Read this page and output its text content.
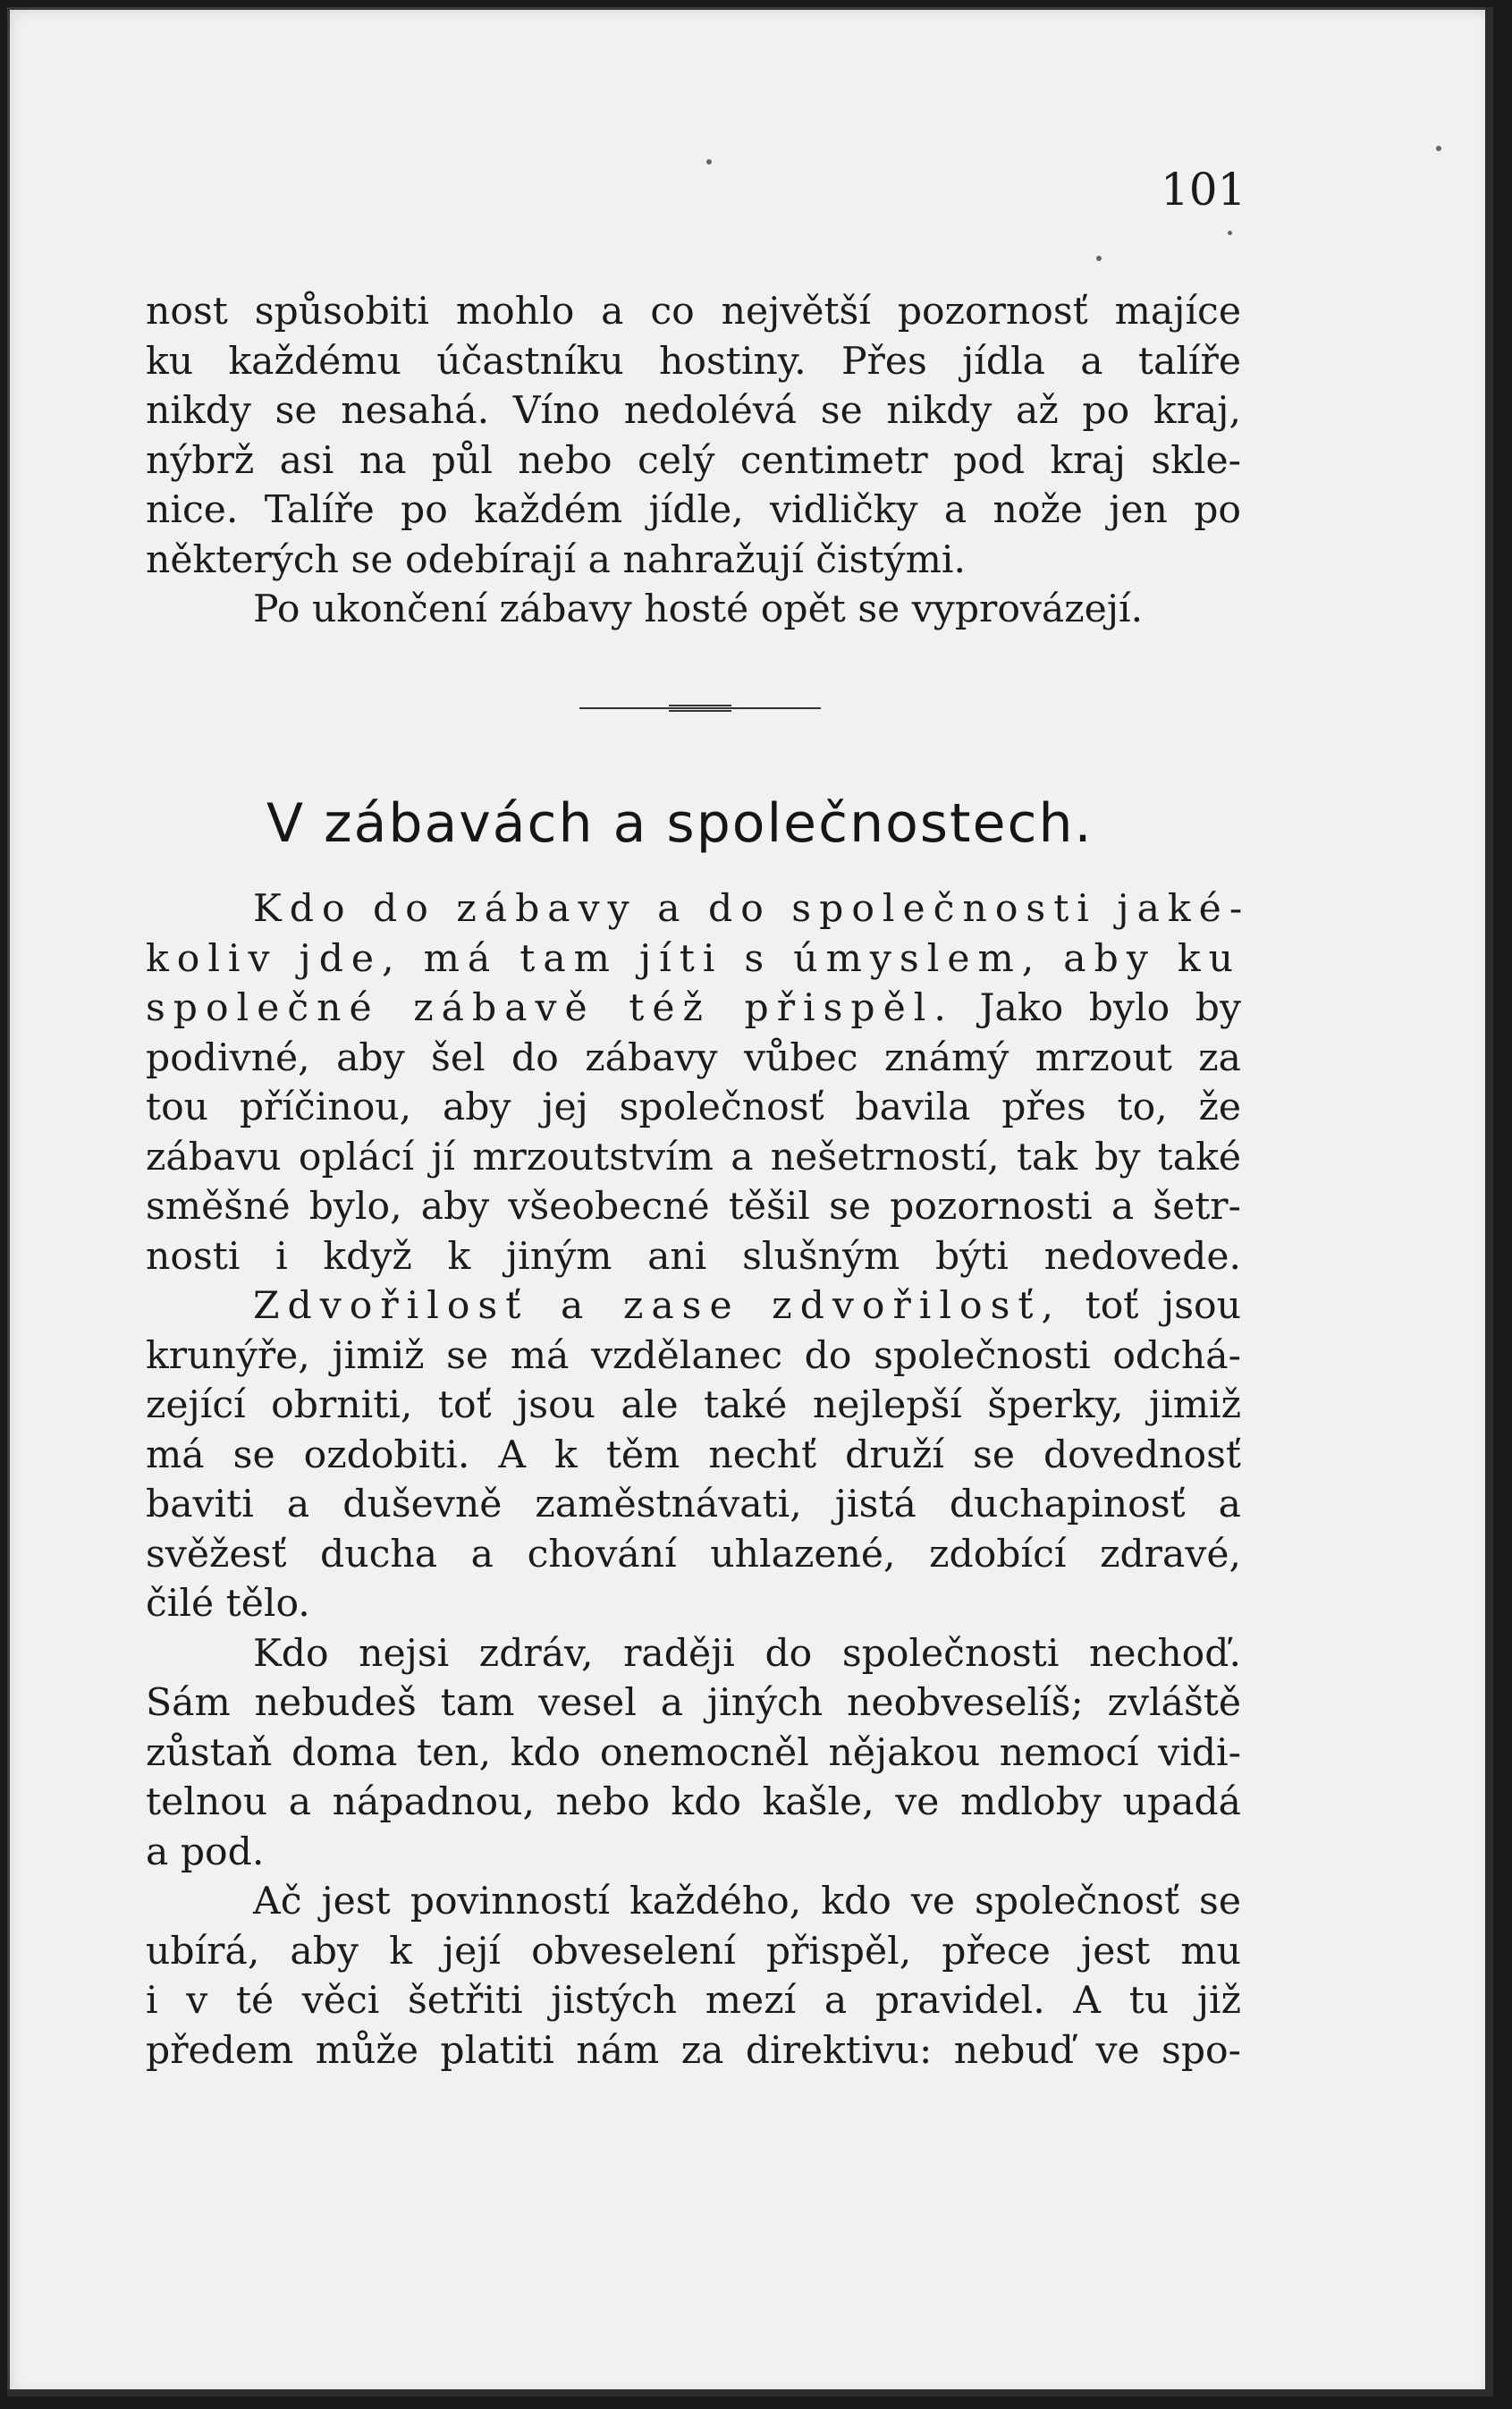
101
nost spůsobiti mohlo a co největší pozornosť majíce
ku každému účastníku hostiny. Přes jídla a talíře
nikdy se nesahá. Víno nedolévá se nikdy až po kraj,
nýbrž asi na půl nebo celý centimetr pod kraj skle-
nice. Talíře po každém jídle, vidličky a nože jen po
některých se odebírají a nahražují čistými.
Po ukončení zábavy hosté opět se vyprovázejí.
V zábavách a společnostech.
Kdo do zábavy a do společnosti jaké-
koliv jde, má tam jíti s úmyslem, aby ku
společné zábavě též přispěl. Jako bylo by
podivné, aby šel do zábavy vůbec známý mrzout za
tou příčinou, aby jej společnosť bavila přes to, že
zábavu oplácí jí mrzoutstvím a nešetrností, tak by také
směšné bylo, aby všeobecné těšil se pozornosti a šetr-
nosti i když k jiným ani slušným býti nedovede.
Zdvořilosť a zase zdvořilosť, toť jsou
krunýře, jimiž se má vzdělanec do společnosti odchá-
zející obrniti, toť jsou ale také nejlepší šperky, jimiž
má se ozdobiti. A k těm nechť druží se dovednosť
baviti a duševně zaměstnávati, jistá duchapinosť a
svěžesť ducha a chování uhlazené, zdobící zdravé,
čilé tělo.
Kdo nejsi zdráv, raději do společnosti nechoď.
Sám nebudeš tam vesel a jiných neobveselíš; zvláště
zůstaň doma ten, kdo onemocněl nějakou nemocí vidi-
telnou a nápadnou, nebo kdo kašle, ve mdloby upadá
a pod.
Ač jest povinností každého, kdo ve společnosť se
ubírá, aby k její obveselení přispěl, přece jest mu
i v té věci šetřiti jistých mezí a pravidel. A tu již
předem může platiti nám za direktivu: nebuď ve spo-
